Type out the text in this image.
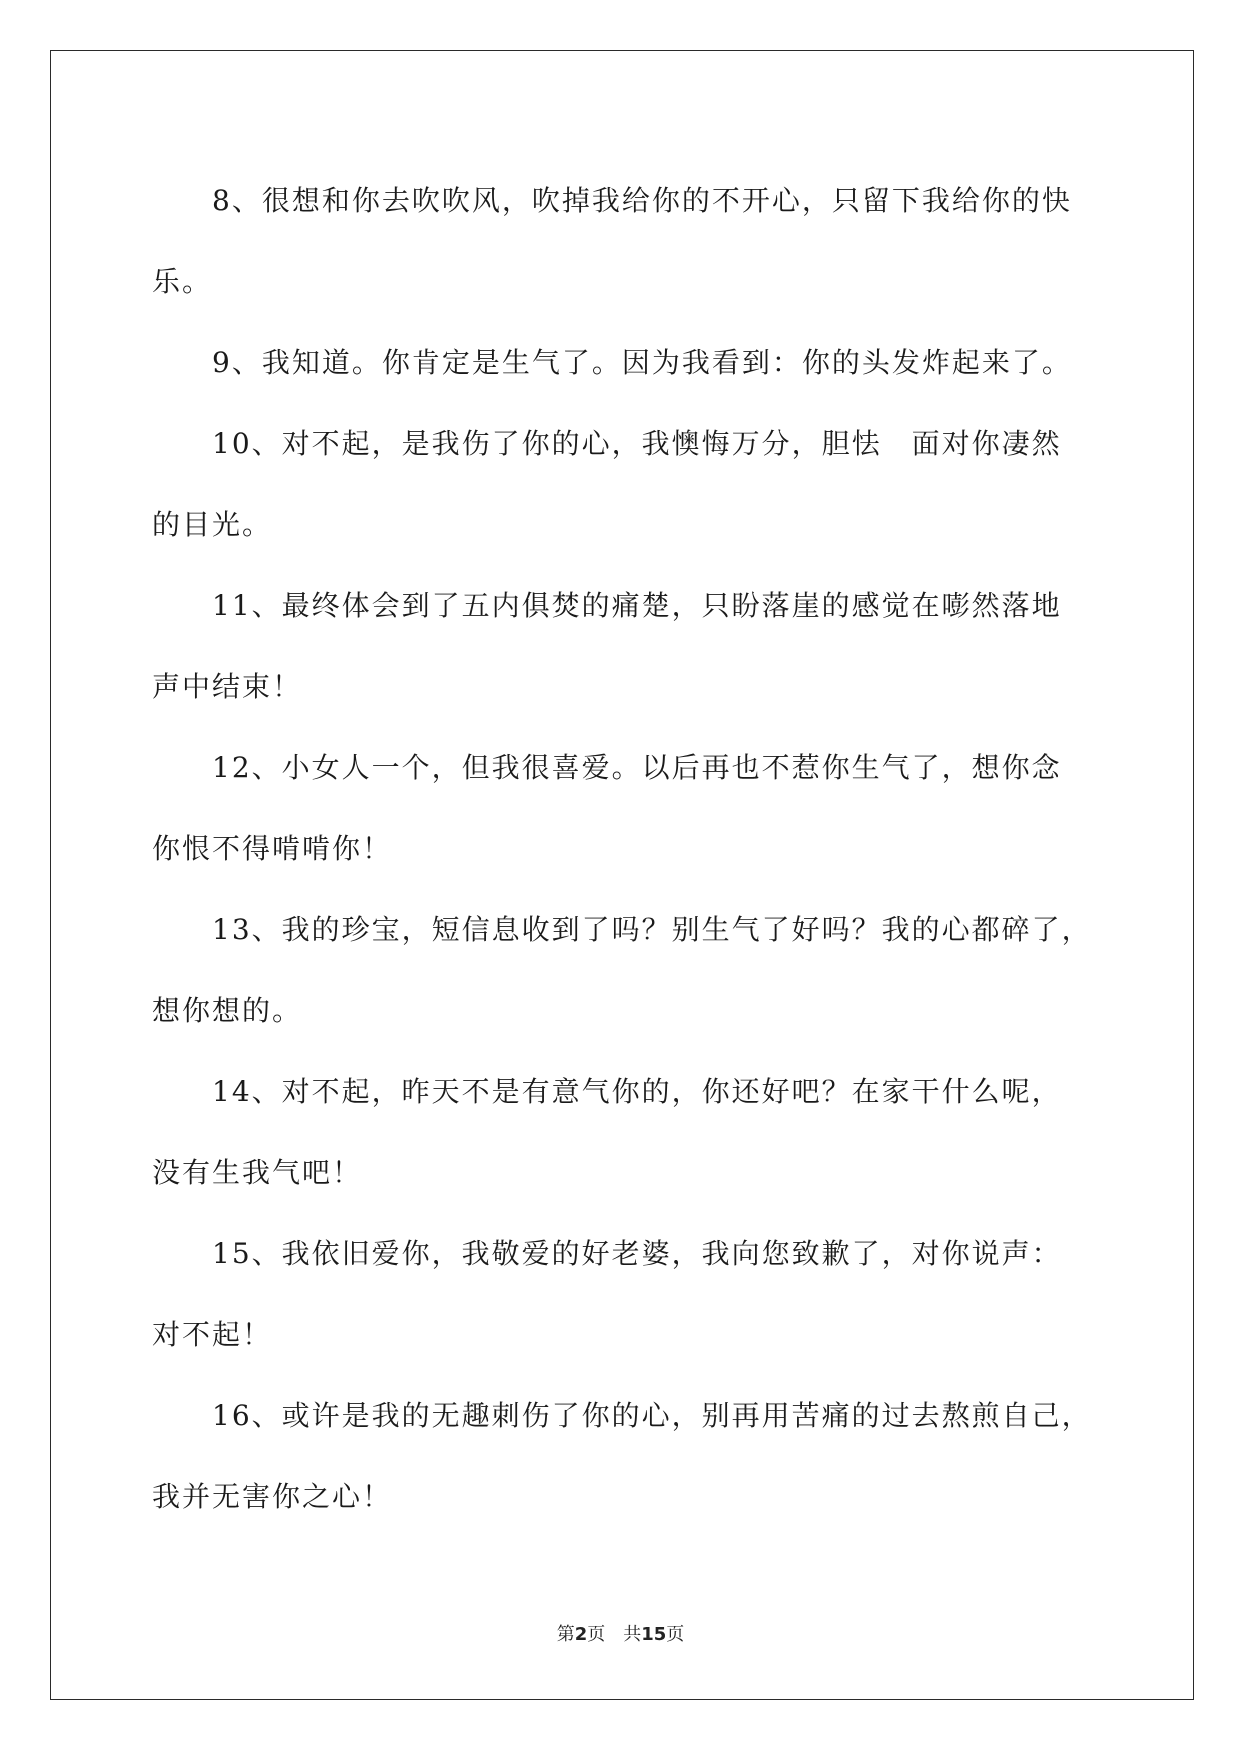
8、很想和你去吹吹风，吹掉我给你的不开心，只留下我给你的快
乐。

9、我知道。你肯定是生气了。因为我看到：你的头发炸起来了。

10、对不起，是我伤了你的心，我懊悔万分，胆怯　面对你凄然
的目光。

11、最终体会到了五内俱焚的痛楚，只盼落崖的感觉在嘭然落地
声中结束！

12、小女人一个，但我很喜爱。以后再也不惹你生气了，想你念
你恨不得啃啃你！

13、我的珍宝，短信息收到了吗？别生气了好吗？我的心都碎了，
想你想的。

14、对不起，昨天不是有意气你的，你还好吧？在家干什么呢，
没有生我气吧！

15、我依旧爱你，我敬爱的好老婆，我向您致歉了，对你说声：
对不起！

16、或许是我的无趣刺伤了你的心，别再用苦痛的过去熬煎自己，
我并无害你之心！

第2页 共15页
